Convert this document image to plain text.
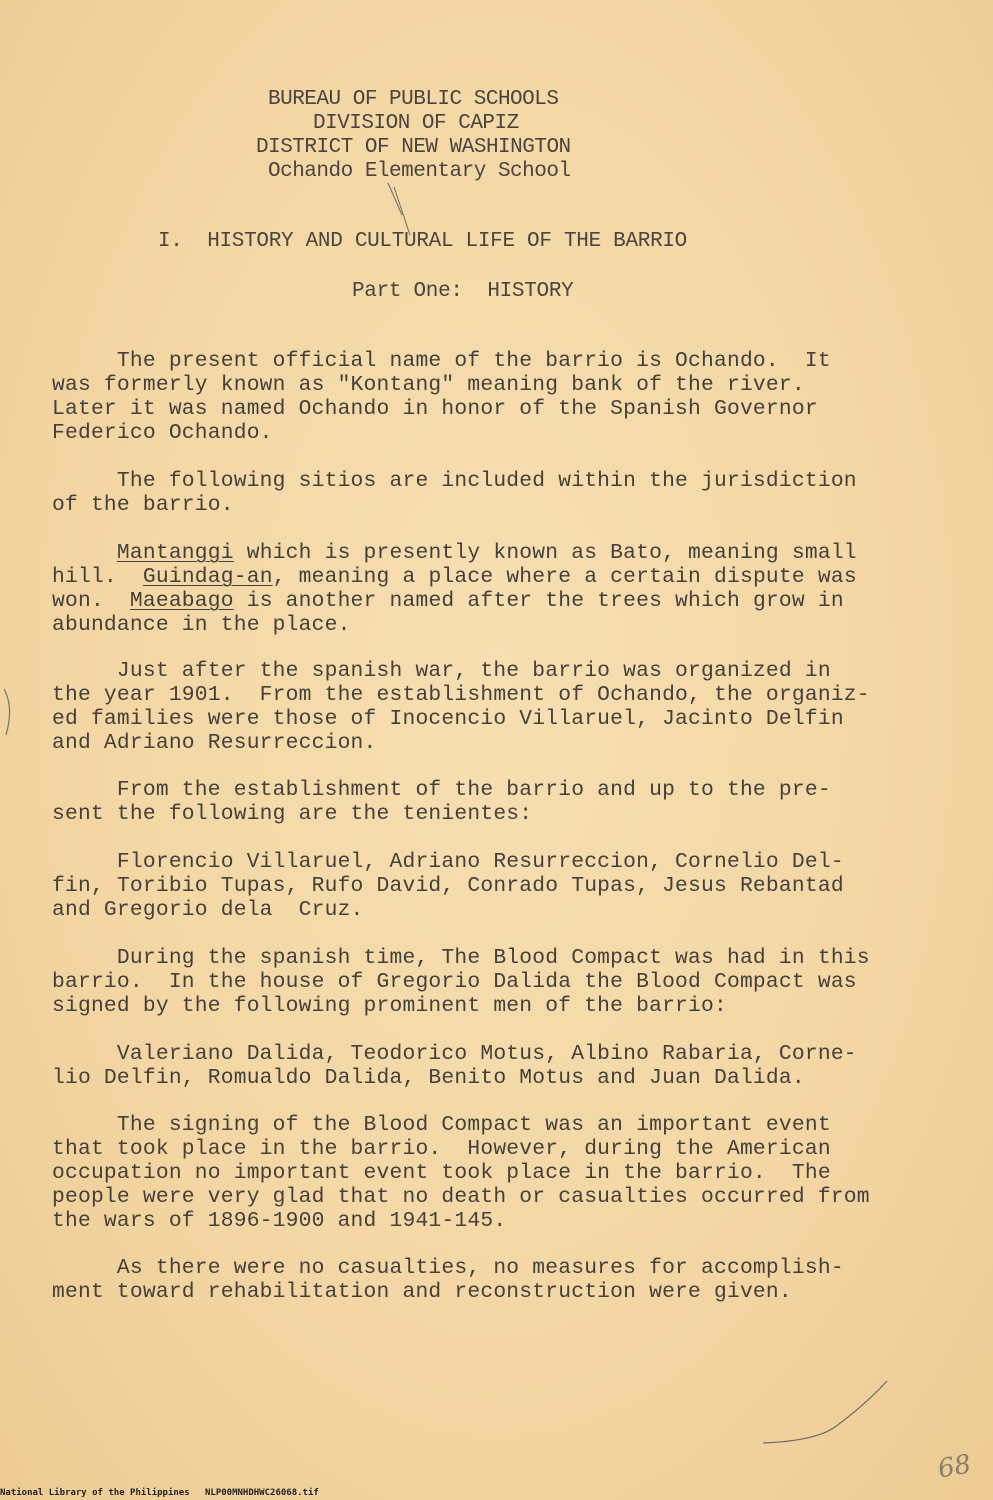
BUREAU OF PUBLIC SCHOOLS
DIVISION OF CAPIZ
DISTRICT OF NEW WASHINGTON
Ochando Elementary School
I.  HISTORY AND CULTURAL LIFE OF THE BARRIO
Part One:  HISTORY
The present official name of the barrio is Ochando.  It
was formerly known as "Kontang" meaning bank of the river.
Later it was named Ochando in honor of the Spanish Governor
Federico Ochando.
The following sitios are included within the jurisdiction
of the barrio.
Mantanggi which is presently known as Bato, meaning small
hill.  Guindag-an, meaning a place where a certain dispute was
won.  Maeabago is another named after the trees which grow in
abundance in the place.
Just after the spanish war, the barrio was organized in
the year 1901.  From the establishment of Ochando, the organiz-
ed families were those of Inocencio Villaruel, Jacinto Delfin
and Adriano Resurreccion.
From the establishment of the barrio and up to the pre-
sent the following are the tenientes:
Florencio Villaruel, Adriano Resurreccion, Cornelio Del-
fin, Toribio Tupas, Rufo David, Conrado Tupas, Jesus Rebantad
and Gregorio dela  Cruz.
During the spanish time, The Blood Compact was had in this
barrio.  In the house of Gregorio Dalida the Blood Compact was
signed by the following prominent men of the barrio:
Valeriano Dalida, Teodorico Motus, Albino Rabaria, Corne-
lio Delfin, Romualdo Dalida, Benito Motus and Juan Dalida.
The signing of the Blood Compact was an important event
that took place in the barrio.  However, during the American
occupation no important event took place in the barrio.  The
people were very glad that no death or casualties occurred from
the wars of 1896-1900 and 1941-145.
As there were no casualties, no measures for accomplish-
ment toward rehabilitation and reconstruction were given.
68
National Library of the Philippines NLP00MNHDHWC26068.tif
